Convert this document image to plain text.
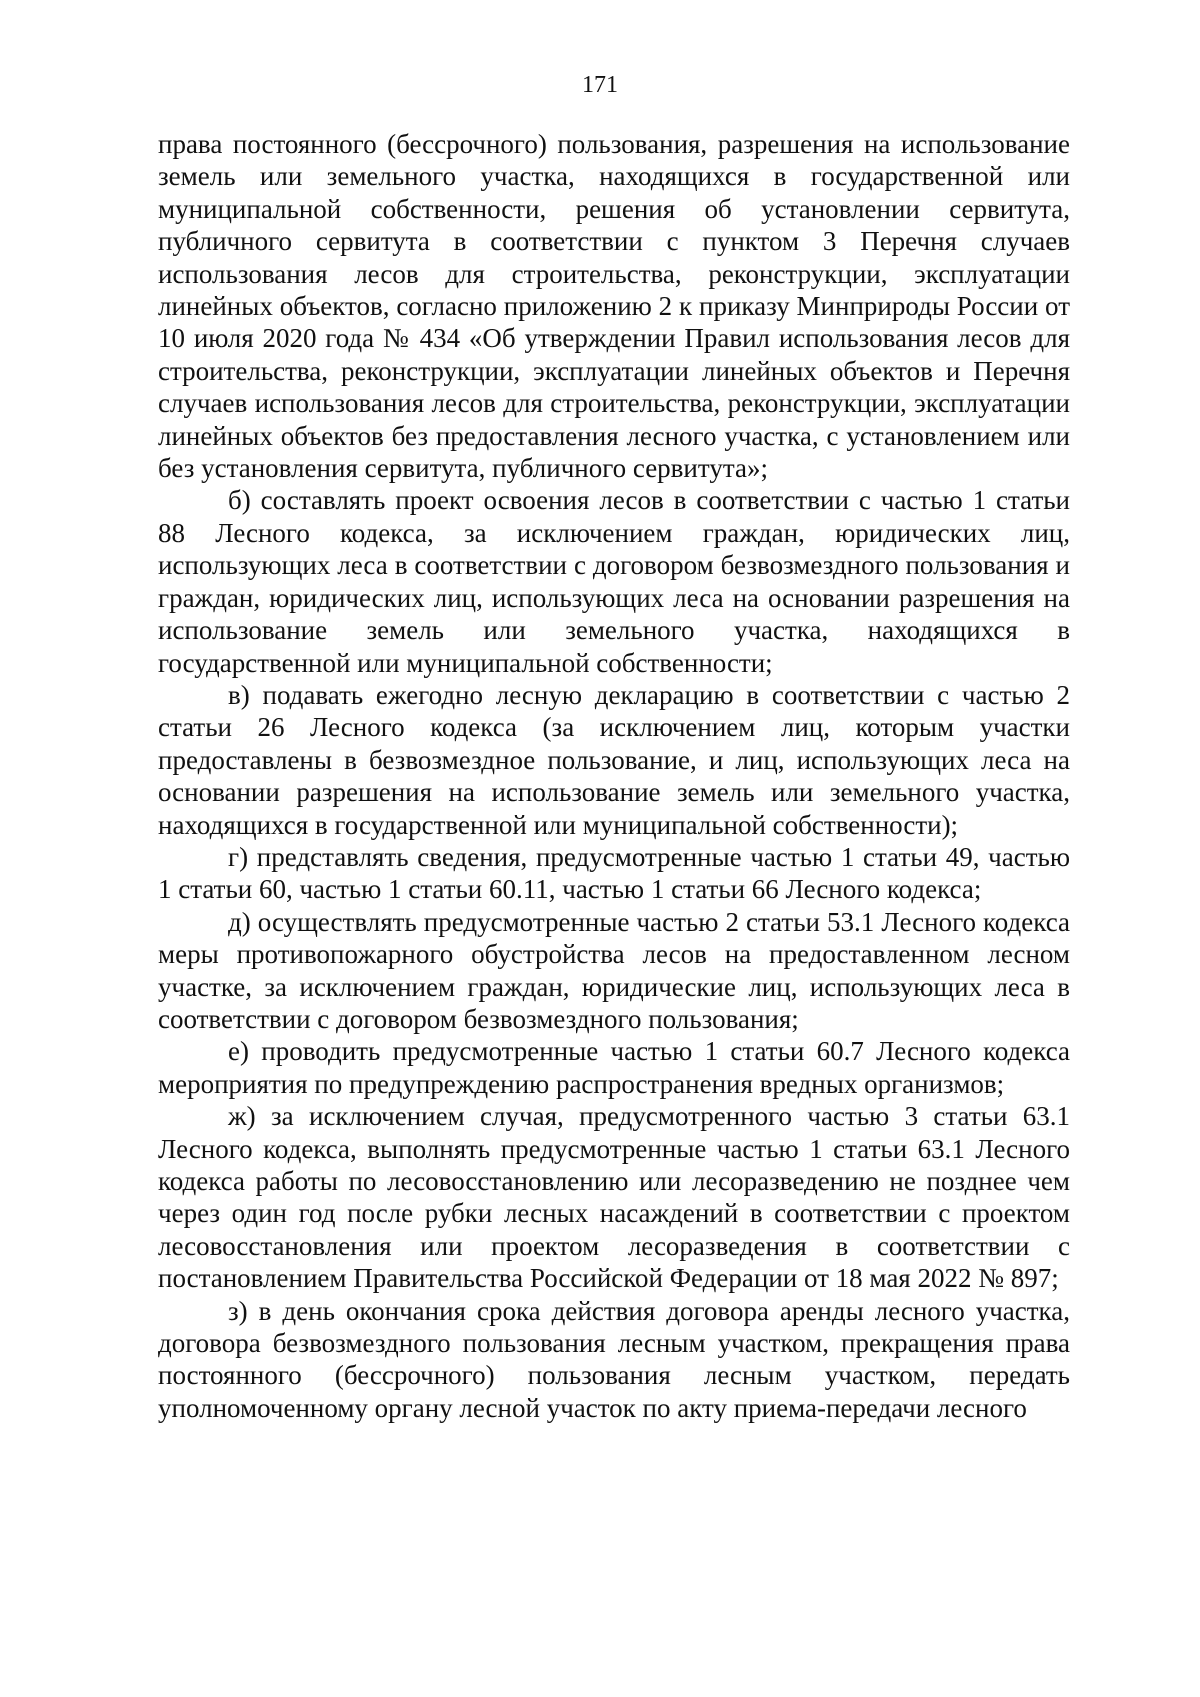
171

права постоянного (бессрочного) пользования, разрешения на использование земель или земельного участка, находящихся в государственной или муниципальной собственности, решения об установлении сервитута, публичного сервитута в соответствии с пунктом 3 Перечня случаев использования лесов для строительства, реконструкции, эксплуатации линейных объектов, согласно приложению 2 к приказу Минприроды России от 10 июля 2020 года № 434 «Об утверждении Правил использования лесов для строительства, реконструкции, эксплуатации линейных объектов и Перечня случаев использования лесов для строительства, реконструкции, эксплуатации линейных объектов без предоставления лесного участка, с установлением или без установления сервитута, публичного сервитута»;

б) составлять проект освоения лесов в соответствии с частью 1 статьи 88 Лесного кодекса, за исключением граждан, юридических лиц, использующих леса в соответствии с договором безвозмездного пользования и граждан, юридических лиц, использующих леса на основании разрешения на использование земель или земельного участка, находящихся в государственной или муниципальной собственности;

в) подавать ежегодно лесную декларацию в соответствии с частью 2 статьи 26 Лесного кодекса (за исключением лиц, которым участки предоставлены в безвозмездное пользование, и лиц, использующих леса на основании разрешения на использование земель или земельного участка, находящихся в государственной или муниципальной собственности);

г) представлять сведения, предусмотренные частью 1 статьи 49, частью 1 статьи 60, частью 1 статьи 60.11, частью 1 статьи 66 Лесного кодекса;

д) осуществлять предусмотренные частью 2 статьи 53.1 Лесного кодекса меры противопожарного обустройства лесов на предоставленном лесном участке, за исключением граждан, юридические лиц, использующих леса в соответствии с договором безвозмездного пользования;

е) проводить предусмотренные частью 1 статьи 60.7 Лесного кодекса мероприятия по предупреждению распространения вредных организмов;

ж) за исключением случая, предусмотренного частью 3 статьи 63.1 Лесного кодекса, выполнять предусмотренные частью 1 статьи 63.1 Лесного кодекса работы по лесовосстановлению или лесоразведению не позднее чем через один год после рубки лесных насаждений в соответствии с проектом лесовосстановления или проектом лесоразведения в соответствии с постановлением Правительства Российской Федерации от 18 мая 2022 № 897;

з) в день окончания срока действия договора аренды лесного участка, договора безвозмездного пользования лесным участком, прекращения права постоянного (бессрочного) пользования лесным участком, передать уполномоченному органу лесной участок по акту приема-передачи лесного
